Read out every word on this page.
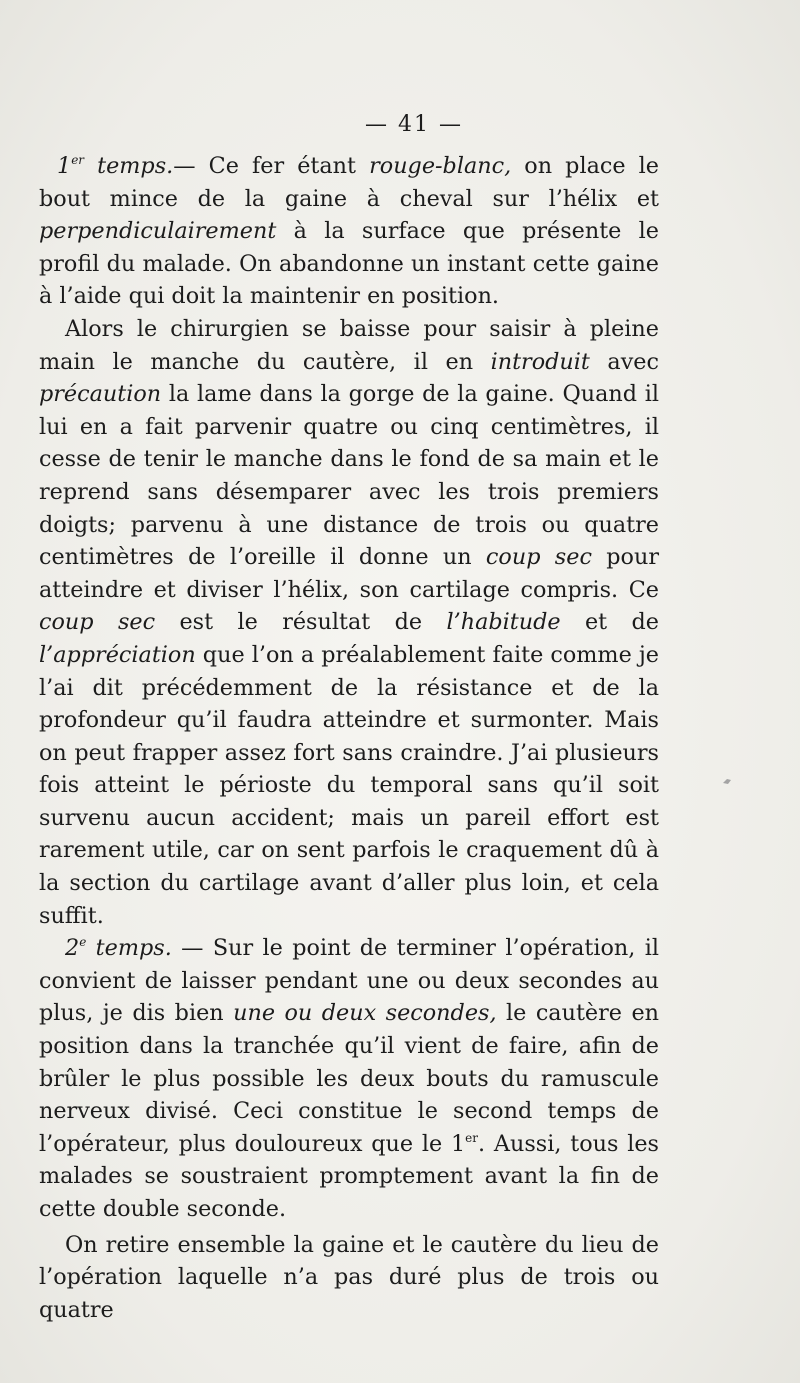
— 41 —

1er temps.— Ce fer étant rouge-blanc, on place le bout mince de la gaine à cheval sur l’hélix et perpendiculairement à la surface que présente le profil du malade. On abandonne un instant cette gaine à l’aide qui doit la maintenir en position.

Alors le chirurgien se baisse pour saisir à pleine main le manche du cautère, il en introduit avec précaution la lame dans la gorge de la gaine. Quand il lui en a fait parvenir quatre ou cinq centimètres, il cesse de tenir le manche dans le fond de sa main et le reprend sans désemparer avec les trois premiers doigts; parvenu à une distance de trois ou quatre centimètres de l’oreille il donne un coup sec pour atteindre et diviser l’hélix, son cartilage compris. Ce coup sec est le résultat de l’habitude et de l’appréciation que l’on a préalablement faite comme je l’ai dit précédemment de la résistance et de la profondeur qu’il faudra atteindre et surmonter. Mais on peut frapper assez fort sans craindre. J’ai plusieurs fois atteint le périoste du temporal sans qu’il soit survenu aucun accident; mais un pareil effort est rarement utile, car on sent parfois le craquement dû à la section du cartilage avant d’aller plus loin, et cela suffit.

2e temps. — Sur le point de terminer l’opération, il convient de laisser pendant une ou deux secondes au plus, je dis bien une ou deux secondes, le cautère en position dans la tranchée qu’il vient de faire, afin de brûler le plus possible les deux bouts du ramuscule nerveux divisé. Ceci constitue le second temps de l’opérateur, plus douloureux que le 1er. Aussi, tous les malades se soustraient promptement avant la fin de cette double seconde.

On retire ensemble la gaine et le cautère du lieu de l’opération laquelle n’a pas duré plus de trois ou quatre
